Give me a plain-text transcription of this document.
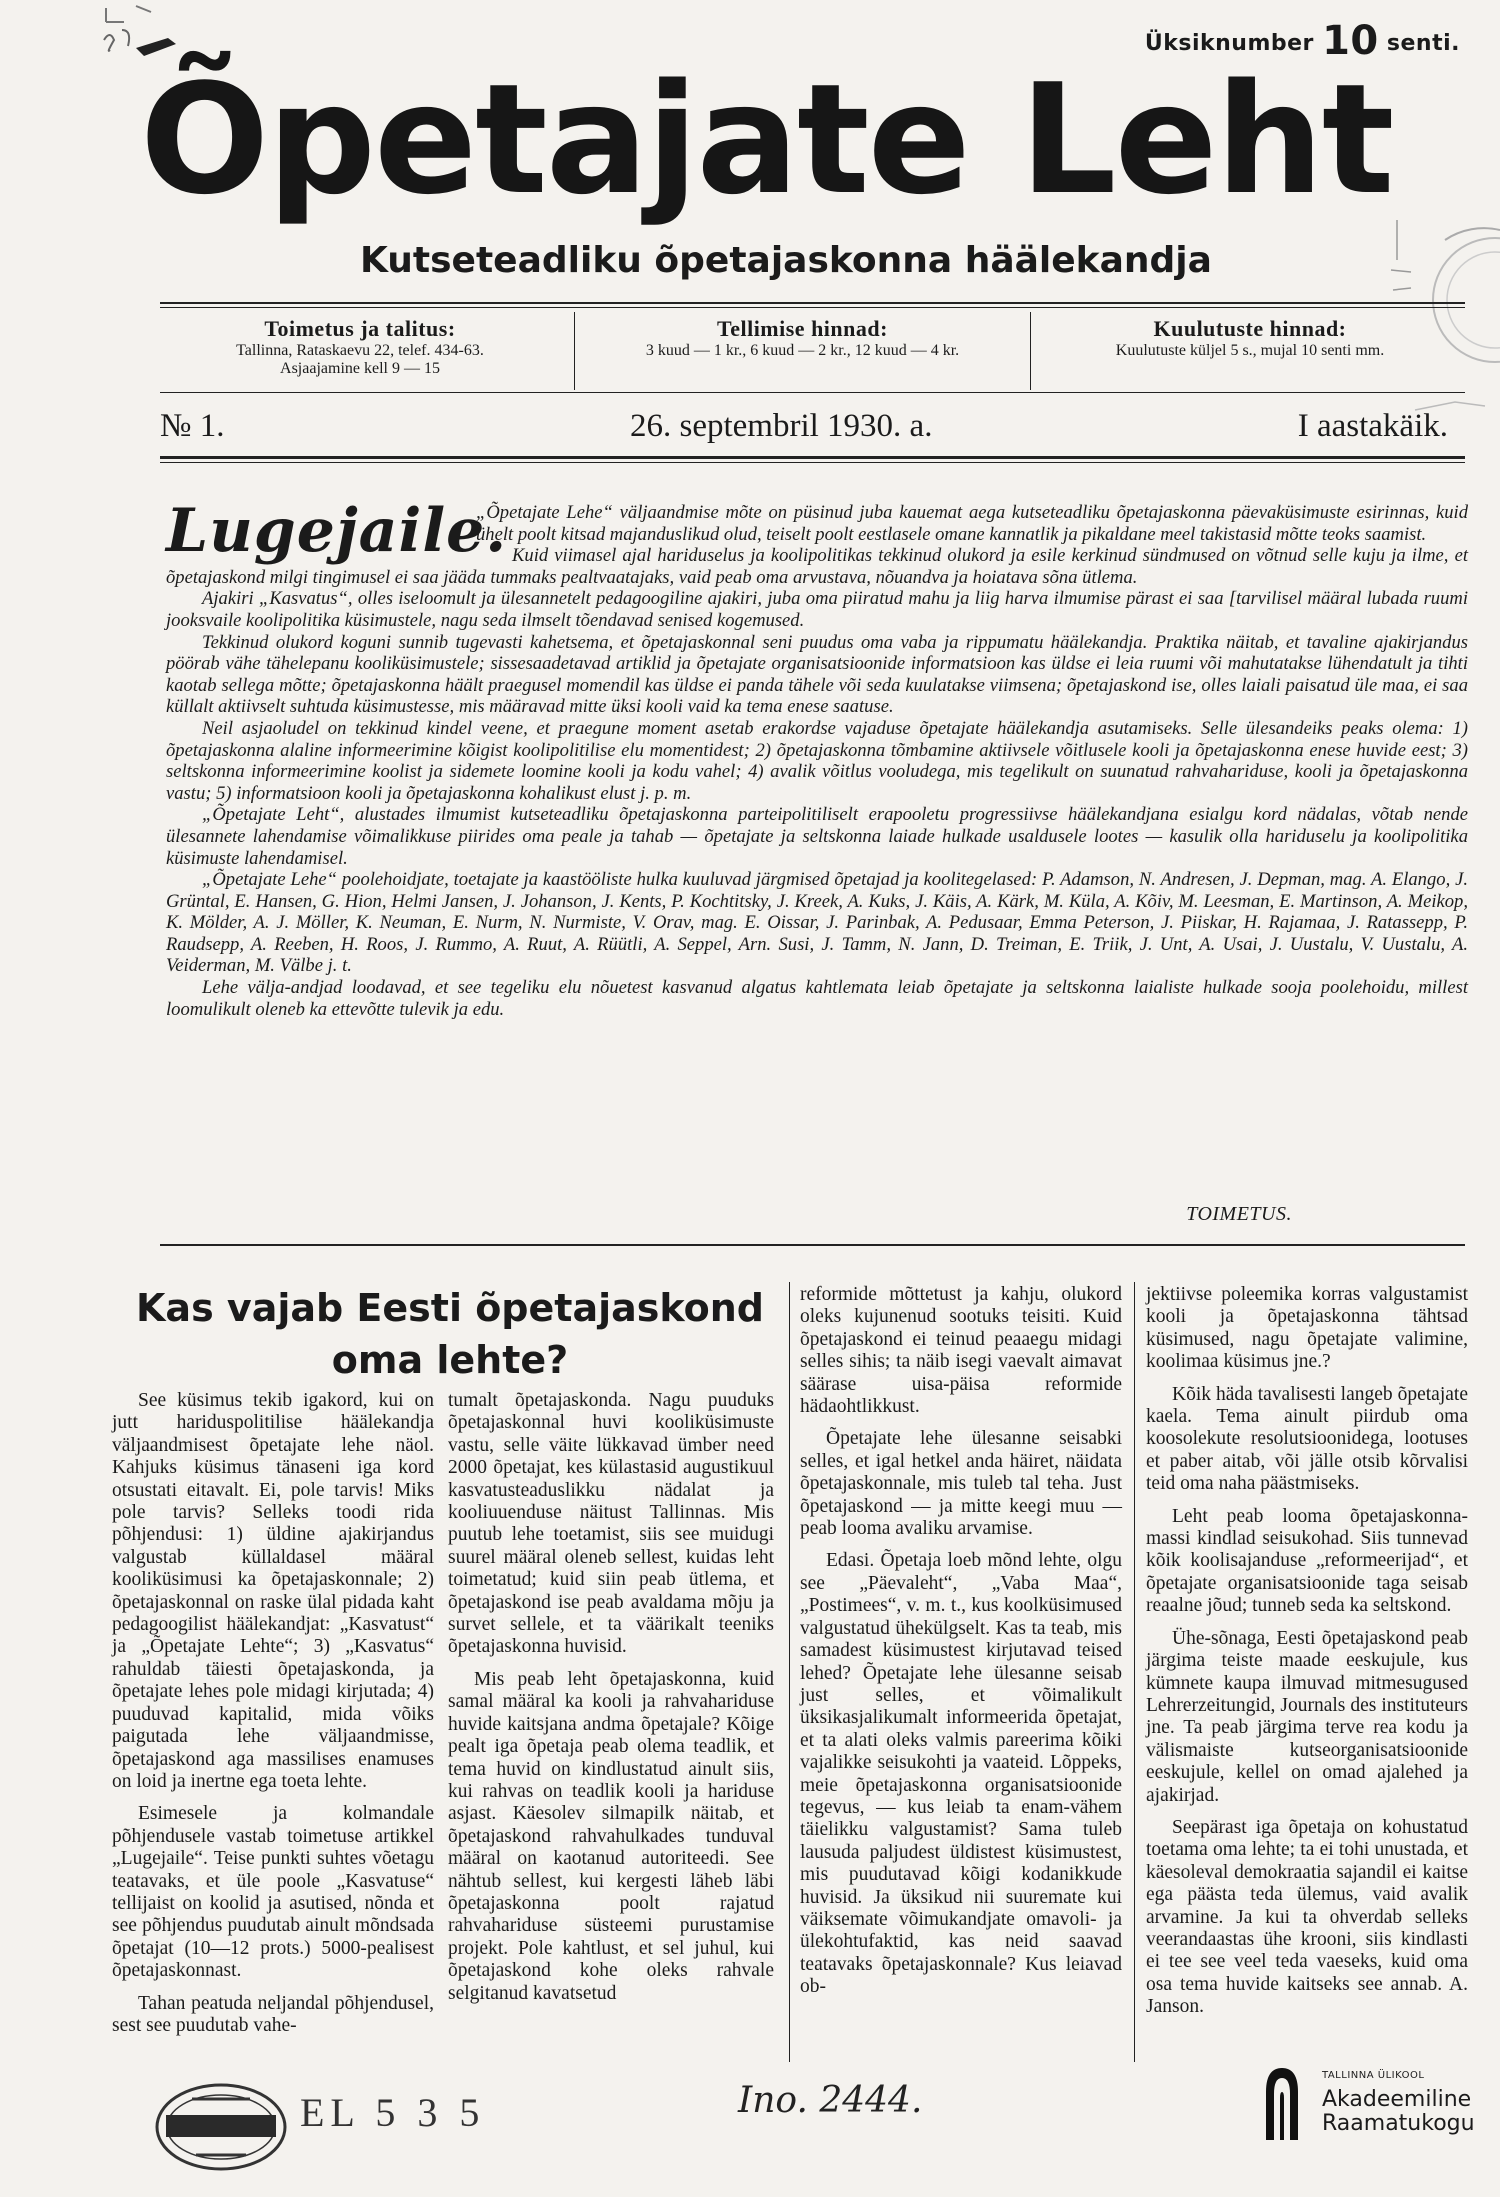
Üksiknumber 10 senti.
Õpetajate Leht
Kutseteadliku õpetajaskonna häälekandja
Toimetus ja talitus:
Tallinna, Rataskaevu 22, telef. 434-63.
Asjaajamine kell 9 — 15
Tellimise hinnad:
3 kuud — 1 kr., 6 kuud — 2 kr., 12 kuud — 4 kr.
Kuulutuste hinnad:
Kuulutuste küljel 5 s., mujal 10 senti mm.
№ 1.	26. septembril 1930. a.	I aastakäik.
Lugejaile.

„Õpetajate Lehe“ väljaandmise mõte on püsinud juba kauemat aega kutseteadliku õpetajaskonna päevaküsimuste esirinnas, kuid ühelt poolt kitsad majanduslikud olud, teiselt poolt eestlasele omane kannatlik ja pikaldane meel takistasid mõtte teoks saamist.

Kuid viimasel ajal hariduselus ja koolipolitikas tekkinud olukord ja esile kerkinud sündmused on võtnud selle kuju ja ilme, et õpetajaskond milgi tingimusel ei saa jääda tummaks pealtvaatajaks, vaid peab oma arvustava, nõuandva ja hoiatava sõna ütlema.

Ajakiri „Kasvatus“, olles iseloomult ja ülesannetelt pedagoogiline ajakiri, juba oma piiratud mahu ja liig harva ilmumise pärast ei saa [tarvilisel määral lubada ruumi jooksvaile koolipolitika küsimustele, nagu seda ilmselt tõendavad senised kogemused.

Tekkinud olukord koguni sunnib tugevasti kahetsema, et õpetajaskonnal seni puudus oma vaba ja rippumatu häälekandja. Praktika näitab, et tavaline ajakirjandus pöörab vähe tähelepanu kooliküsimustele; sissesaadetavad artiklid ja õpetajate organisatsioonide informatsioon kas üldse ei leia ruumi või mahutatakse lühendatult ja tihti kaotab sellega mõtte; õpetajaskonna häält praegusel momendil kas üldse ei panda tähele või seda kuulatakse viimsena; õpetajaskond ise, olles laiali paisatud üle maa, ei saa küllalt aktiivselt suhtuda küsimustesse, mis määravad mitte üksi kooli vaid ka tema enese saatuse.

Neil asjaoludel on tekkinud kindel veene, et praegune moment asetab erakordse vajaduse õpetajate häälekandja asutamiseks. Selle ülesandeiks peaks olema: 1) õpetajaskonna alaline informeerimine kõigist koolipolitilise elu momentidest; 2) õpetajaskonna tõmbamine aktiivsele võitlusele kooli ja õpetajaskonna enese huvide eest; 3) seltskonna informeerimine koolist ja sidemete loomine kooli ja kodu vahel; 4) avalik võitlus vooludega, mis tegelikult on suunatud rahvahariduse, kooli ja õpetajaskonna vastu; 5) informatsioon kooli ja õpetajaskonna kohalikust elust j. p. m.

„Õpetajate Leht“, alustades ilmumist kutseteadliku õpetajaskonna parteipolitiliselt erapooletu progressiivse häälekandjana esialgu kord nädalas, võtab nende ülesannete lahendamise võimalikkuse piirides oma peale ja tahab — õpetajate ja seltskonna laiade hulkade usaldusele lootes — kasulik olla hariduselu ja koolipolitika küsimuste lahendamisel.

„Õpetajate Lehe“ poolehoidjate, toetajate ja kaastööliste hulka kuuluvad järgmised õpetajad ja koolitegelased: P. Adamson, N. Andresen, J. Depman, mag. A. Elango, J. Grüntal, E. Hansen, G. Hion, Helmi Jansen, J. Johanson, J. Kents, P. Kochtitsky, J. Kreek, A. Kuks, J. Käis, A. Kärk, M. Küla, A. Kõiv, M. Leesman, E. Martinson, A. Meikop, K. Mölder, A. J. Möller, K. Neuman, E. Nurm, N. Nurmiste, V. Orav, mag. E. Oissar, J. Parinbak, A. Pedusaar, Emma Peterson, J. Piiskar, H. Rajamaa, J. Ratassepp, P. Raudsepp, A. Reeben, H. Roos, J. Rummo, A. Ruut, A. Rüütli, A. Seppel, Arn. Susi, J. Tamm, N. Jann, D. Treiman, E. Triik, J. Unt, A. Usai, J. Uustalu, V. Uustalu, A. Veiderman, M. Välbe j. t.

Lehe välja-andjad loodavad, et see tegeliku elu nõuetest kasvanud algatus kahtlemata leiab õpetajate ja seltskonna laialiste hulkade sooja poolehoidu, millest loomulikult oleneb ka ettevõtte tulevik ja edu.

TOIMETUS.
Kas vajab Eesti õpetajaskond
oma lehte?

See küsimus tekib igakord, kui on jutt hariduspolitilise häälekandja väljaandmisest õpetajate lehe näol. Kahjuks küsimus tänaseni iga kord otsustati eitavalt. Ei, pole tarvis! Miks pole tarvis? Selleks toodi rida põhjendusi: 1) üldine ajakirjandus valgustab küllaldasel määral kooliküsimusi ka õpetajaskonnale; 2) õpetajaskonnal on raske ülal pidada kaht pedagoogilist häälekandjat: „Kasvatust“ ja „Õpetajate Lehte“; 3) „Kasvatus“ rahuldab täiesti õpetajaskonda, ja õpetajate lehes pole midagi kirjutada; 4) puuduvad kapitalid, mida võiks paigutada lehe väljaandmisse, õpetajaskond aga massilises enamuses on loid ja inertne ega toeta lehte.

Esimesele ja kolmandale põhjendusele vastab toimetuse artikkel „Lugejaile“. Teise punkti suhtes võetagu teatavaks, et üle poole „Kasvatuse“ tellijaist on koolid ja asutised, nõnda et see põhjendus puudutab ainult mõndsada õpetajat (10—12 prots.) 5000-pealisest õpetajaskonnast.

Tahan peatuda neljandal põhjendusel, sest see puudutab vahe-

tumalt õpetajaskonda. Nagu puuduks õpetajaskonnal huvi kooliküsimuste vastu, selle väite lükkavad ümber need 2000 õpetajat, kes külastasid augustikuul kasvatusteaduslikku nädalat ja kooliuuenduse näitust Tallinnas. Mis puutub lehe toetamist, siis see muidugi suurel määral oleneb sellest, kuidas leht toimetatud; kuid siin peab ütlema, et õpetajaskond ise peab avaldama mõju ja survet sellele, et ta väärikalt teeniks õpetajaskonna huvisid.

Mis peab leht õpetajaskonna, kuid samal määral ka kooli ja rahvahariduse huvide kaitsjana andma õpetajale? Kõige pealt iga õpetaja peab olema teadlik, et tema huvid on kindlustatud ainult siis, kui rahvas on teadlik kooli ja hariduse asjast. Käesolev silmapilk näitab, et õpetajaskond rahvahulkades tunduval määral on kaotanud autoriteedi. See nähtub sellest, kui kergesti läheb läbi õpetajaskonna poolt rajatud rahvahariduse süsteemi purustamise projekt. Pole kahtlust, et sel juhul, kui õpetajaskond kohe oleks rahvale selgitanud kavatsetud

reformide mõttetust ja kahju, olukord oleks kujunenud sootuks teisiti. Kuid õpetajaskond ei teinud peaaegu midagi selles sihis; ta näib isegi vaevalt aimavat säärase uisa-päisa reformide hädaohtlikkust.

Õpetajate lehe ülesanne seisabki selles, et igal hetkel anda häiret, näidata õpetajaskonnale, mis tuleb tal teha. Just õpetajaskond — ja mitte keegi muu — peab looma avaliku arvamise.

Edasi. Õpetaja loeb mõnd lehte, olgu see „Päevaleht“, „Vaba Maa“, „Postimees“, v. m. t., kus koolküsimused valgustatud ühekülgselt. Kas ta teab, mis samadest küsimustest kirjutavad teised lehed? Õpetajate lehe ülesanne seisab just selles, et võimalikult üksikasjalikumalt informeerida õpetajat, et ta alati oleks valmis pareerima kõiki vajalikke seisukohti ja vaateid. Lõppeks, meie õpetajaskonna organisatsioonide tegevus, — kus leiab ta enam-vähem täielikku valgustamist? Sama tuleb lausuda paljudest üldistest küsimustest, mis puudutavad kõigi kodanikkude huvisid. Ja üksikud nii suuremate kui väiksemate võimukandjate omavoli- ja ülekohtufaktid, kas neid saavad teatavaks õpetajaskonnale? Kus leiavad ob-

jektiivse poleemika korras valgustamist kooli ja õpetajaskonna tähtsad küsimused, nagu õpetajate valimine, koolimaa küsimus jne.?

Kõik häda tavalisesti langeb õpetajate kaela. Tema ainult piirdub oma koosolekute resolutsioonidega, lootuses et paber aitab, või jälle otsib kõrvalisi teid oma naha päästmiseks.

Leht peab looma õpetajaskonna-massi kindlad seisukohad. Siis tunnevad kõik koolisajanduse „reformeerijad“, et õpetajate organisatsioonide taga seisab reaalne jõud; tunneb seda ka seltskond.

Ühe-sõnaga, Eesti õpetajaskond peab järgima teiste maade eeskujule, kus kümnete kaupa ilmuvad mitmesugused Lehrerzeitungid, Journals des instituteurs jne. Ta peab järgima terve rea kodu ja välismaiste kutseorganisatsioonide eeskujule, kellel on omad ajalehed ja ajakirjad.

Seepärast iga õpetaja on kohustatud toetama oma lehte; ta ei tohi unustada, et käesoleval demokraatia sajandil ei kaitse ega päästa teda ülemus, vaid avalik arvamine. Ja kui ta ohverdab selleks veerandaastas ühe krooni, siis kindlasti ei tee see veel teda vaeseks, kuid oma osa tema huvide kaitseks see annab. A. Janson.

EL 5 3 5	Ino. 2444.
TALLINNA ÜLIKOOL
Akadeemiline
Raamatukogu
